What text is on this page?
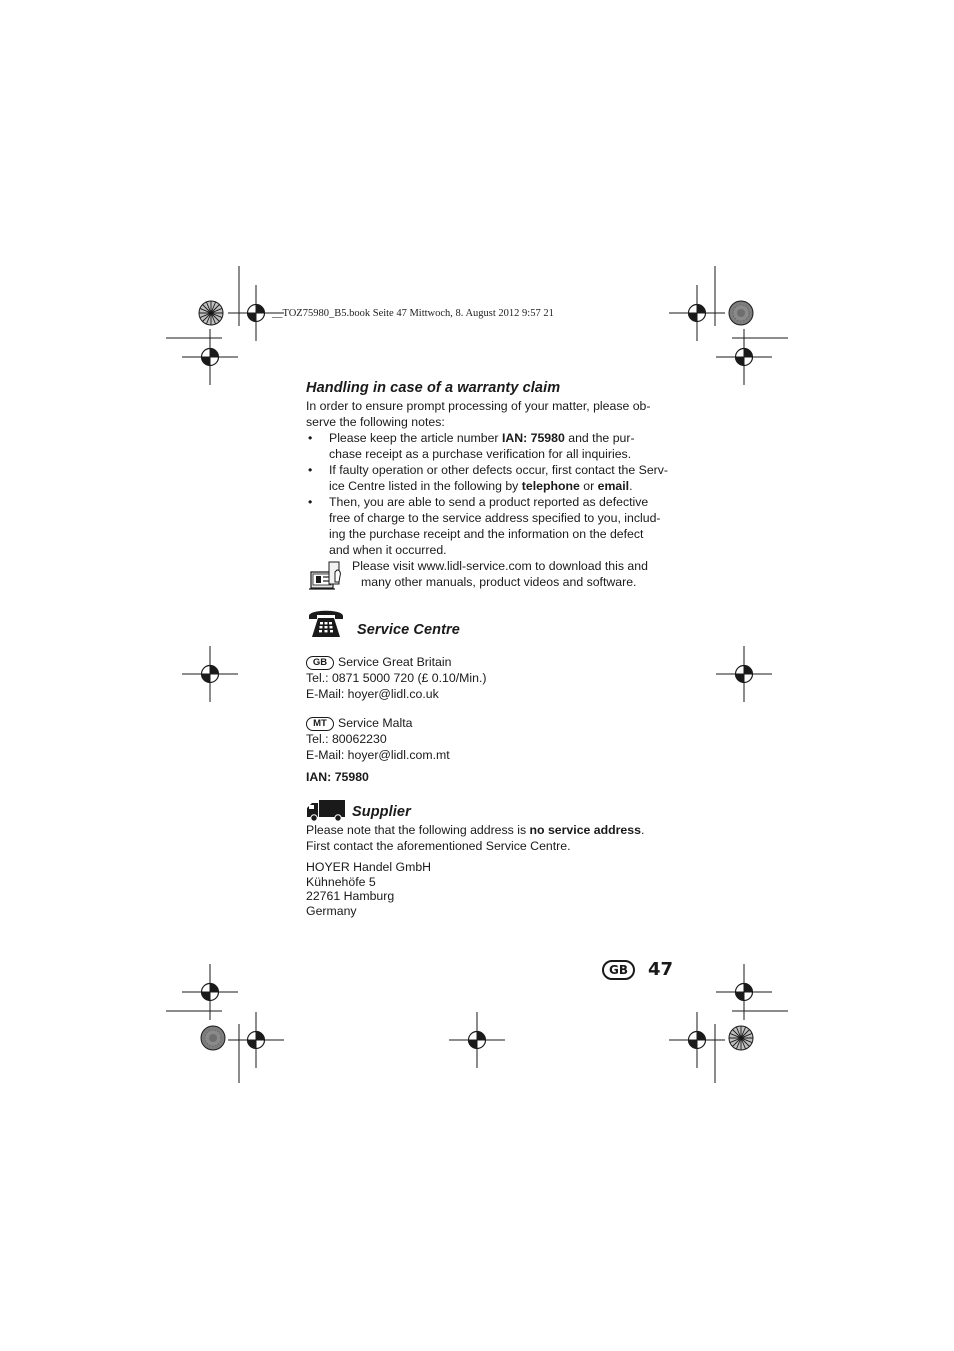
__TOZ75980_B5.book Seite 47 Mittwoch, 8. August 2012 9:57 21
Handling in case of a warranty claim

In order to ensure prompt processing of your matter, please ob-
serve the following notes:

• Please keep the article number IAN: 75980 and the pur-
chase receipt as a purchase verification for all inquiries.
• If faulty operation or other defects occur, first contact the Serv-
ice Centre listed in the following by telephone or email.
• Then, you are able to send a product reported as defective
free of charge to the service address specified to you, includ-
ing the purchase receipt and the information on the defect
and when it occurred.
Please visit www.lidl-service.com to download this and
many other manuals, product videos and software.
Service Centre
GB Service Great Britain
Tel.: 0871 5000 720 (£ 0.10/Min.)
E-Mail: hoyer@lidl.co.uk
MT Service Malta
Tel.: 80062230
E-Mail: hoyer@lidl.com.mt
IAN: 75980
Supplier

Please note that the following address is no service address.
First contact the aforementioned Service Centre.

HOYER Handel GmbH
Kühnehöfe 5
22761 Hamburg
Germany
GB	47
